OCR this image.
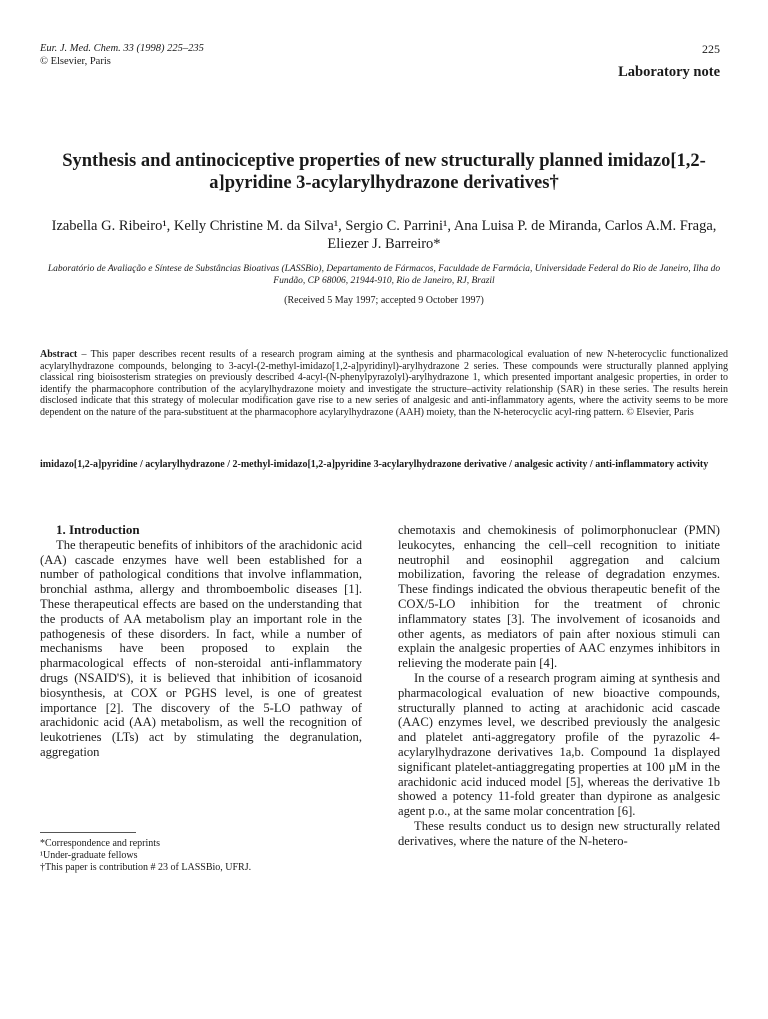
Eur. J. Med. Chem. 33 (1998) 225–235
© Elsevier, Paris
225
Laboratory note
Synthesis and antinociceptive properties of new structurally planned imidazo[1,2-a]pyridine 3-acylarylhydrazone derivatives†
Izabella G. Ribeiro¹, Kelly Christine M. da Silva¹, Sergio C. Parrini¹, Ana Luisa P. de Miranda, Carlos A.M. Fraga, Eliezer J. Barreiro*
Laboratório de Avaliação e Síntese de Substâncias Bioativas (LASSBio), Departamento de Fármacos, Faculdade de Farmácia, Universidade Federal do Rio de Janeiro, Ilha do Fundão, CP 68006, 21944-910, Rio de Janeiro, RJ, Brazil
(Received 5 May 1997; accepted 9 October 1997)

Abstract – This paper describes recent results of a research program aiming at the synthesis and pharmacological evaluation of new N-heterocyclic functionalized acylarylhydrazone compounds, belonging to 3-acyl-(2-methyl-imidazo[1,2-a]pyridinyl)-arylhydrazone 2 series. These compounds were structurally planned applying classical ring bioisosterism strategies on previously described 4-acyl-(N-phenylpyrazolyl)-arylhydrazone 1, which presented important analgesic properties, in order to identify the pharmacophore contribution of the acylarylhydrazone moiety and investigate the structure–activity relationship (SAR) in these series. The results herein disclosed indicate that this strategy of molecular modification gave rise to a new series of analgesic and anti-inflammatory agents, where the activity seems to be more dependent on the nature of the para-substituent at the pharmacophore acylarylhydrazone (AAH) moiety, than the N-heterocyclic acyl-ring pattern. © Elsevier, Paris

imidazo[1,2-a]pyridine / acylarylhydrazone / 2-methyl-imidazo[1,2-a]pyridine 3-acylarylhydrazone derivative / analgesic activity / anti-inflammatory activity

1. Introduction

The therapeutic benefits of inhibitors of the arachidonic acid (AA) cascade enzymes have well been established for a number of pathological conditions that involve inflammation, bronchial asthma, allergy and thromboembolic diseases [1]. These therapeutical effects are based on the understanding that the products of AA metabolism play an important role in the pathogenesis of these disorders. In fact, while a number of mechanisms have been proposed to explain the pharmacological effects of non-steroidal anti-inflammatory drugs (NSAID'S), it is believed that inhibition of icosanoid biosynthesis, at COX or PGHS level, is one of greatest importance [2]. The discovery of the 5-LO pathway of arachidonic acid (AA) metabolism, as well the recognition of leukotrienes (LTs) act by stimulating the degranulation, aggregation

chemotaxis and chemokinesis of polimorphonuclear (PMN) leukocytes, enhancing the cell–cell recognition to initiate neutrophil and eosinophil aggregation and calcium mobilization, favoring the release of degradation enzymes. These findings indicated the obvious therapeutic benefit of the COX/5-LO inhibition for the treatment of chronic inflammatory states [3]. The involvement of icosanoids and other agents, as mediators of pain after noxious stimuli can explain the analgesic properties of AAC enzymes inhibitors in relieving the moderate pain [4].

In the course of a research program aiming at synthesis and pharmacological evaluation of new bioactive compounds, structurally planned to acting at arachidonic acid cascade (AAC) enzymes level, we described previously the analgesic and platelet anti-aggregatory profile of the pyrazolic 4-acylarylhydrazone derivatives 1a,b. Compound 1a displayed significant platelet-antiaggregating properties at 100 µM in the arachidonic acid induced model [5], whereas the derivative 1b showed a potency 11-fold greater than dypirone as analgesic agent p.o., at the same molar concentration [6].

These results conduct us to design new structurally related derivatives, where the nature of the N-hetero-

*Correspondence and reprints
¹Under-graduate fellows
†This paper is contribution # 23 of LASSBio, UFRJ.
